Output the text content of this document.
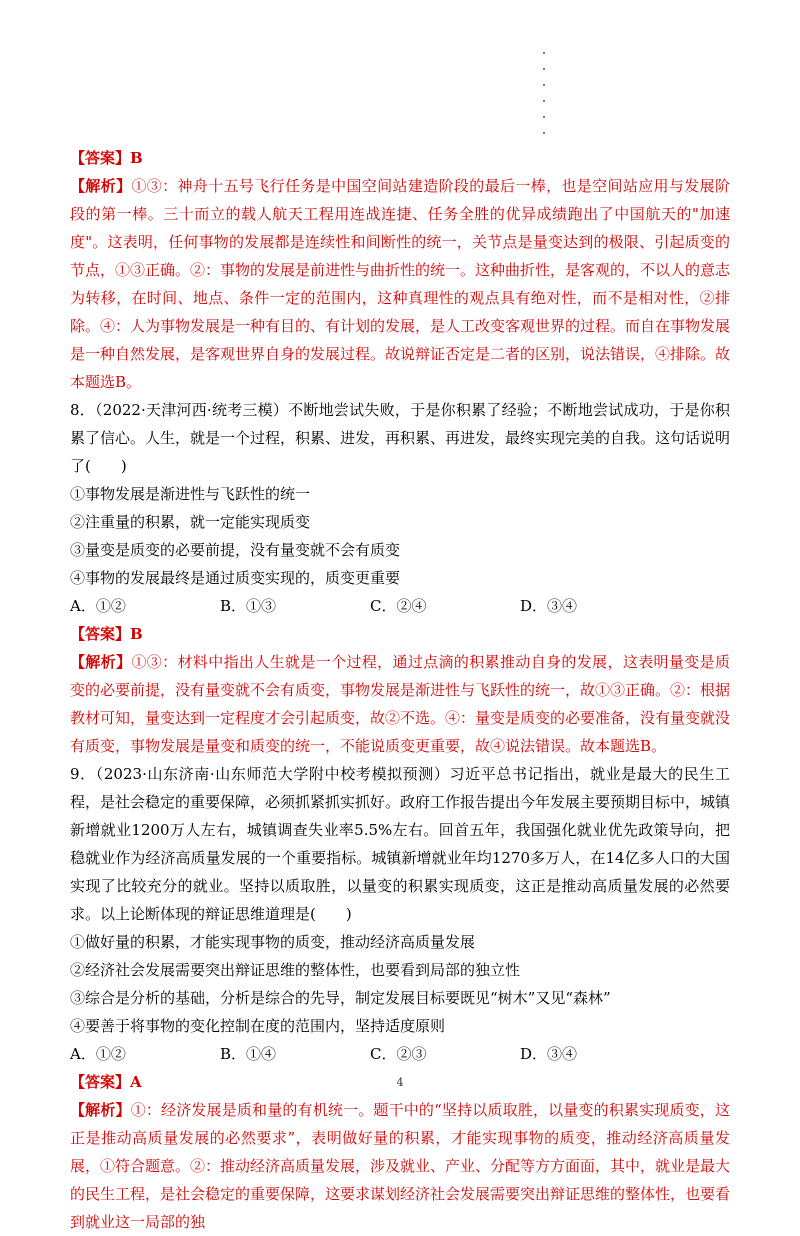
【答案】B

【解析】①③：神舟十五号飞行任务是中国空间站建造阶段的最后一棒，也是空间站应用与发展阶段的第一棒。三十而立的载人航天工程用连战连捷、任务全胜的优异成绩跑出了中国航天的"加速度"。这表明，任何事物的发展都是连续性和间断性的统一，关节点是量变达到的极限、引起质变的节点，①③正确。②：事物的发展是前进性与曲折性的统一。这种曲折性，是客观的，不以人的意志为转移，在时间、地点、条件一定的范围内，这种真理性的观点具有绝对性，而不是相对性，②排除。④：人为事物发展是一种有目的、有计划的发展，是人工改变客观世界的过程。而自在事物发展是一种自然发展，是客观世界自身的发展过程。故说辩证否定是二者的区别，说法错误，④排除。故本题选B。

8．（2022·天津河西·统考三模）不断地尝试失败，于是你积累了经验；不断地尝试成功，于是你积累了信心。人生，就是一个过程，积累、进发，再积累、再进发，最终实现完美的自我。这句话说明了(　　)

①事物发展是渐进性与飞跃性的统一

②注重量的积累，就一定能实现质变

③量变是质变的必要前提，没有量变就不会有质变

④事物的发展最终是通过质变实现的，质变更重要

A．①②	B．①③	C．②④	D．③④

【答案】B

【解析】①③：材料中指出人生就是一个过程，通过点滴的积累推动自身的发展，这表明量变是质变的必要前提，没有量变就不会有质变，事物发展是渐进性与飞跃性的统一，故①③正确。②：根据教材可知，量变达到一定程度才会引起质变，故②不选。④：量变是质变的必要准备，没有量变就没有质变，事物发展是量变和质变的统一，不能说质变更重要，故④说法错误。故本题选B。

9．（2023·山东济南·山东师范大学附中校考模拟预测）习近平总书记指出，就业是最大的民生工程，是社会稳定的重要保障，必须抓紧抓实抓好。政府工作报告提出今年发展主要预期目标中，城镇新增就业1200万人左右，城镇调查失业率5.5%左右。回首五年，我国强化就业优先政策导向，把稳就业作为经济高质量发展的一个重要指标。城镇新增就业年均1270多万人，在14亿多人口的大国实现了比较充分的就业。坚持以质取胜，以量变的积累实现质变，这正是推动高质量发展的必然要求。以上论断体现的辩证思维道理是(　　)

①做好量的积累，才能实现事物的质变，推动经济高质量发展

②经济社会发展需要突出辩证思维的整体性，也要看到局部的独立性

③综合是分析的基础，分析是综合的先导，制定发展目标要既见“树木”又见“森林”

④要善于将事物的变化控制在度的范围内，坚持适度原则

A．①②	B．①④	C．②③	D．③④

【答案】A

【解析】①：经济发展是质和量的有机统一。题干中的“坚持以质取胜，以量变的积累实现质变，这正是推动高质量发展的必然要求”，表明做好量的积累，才能实现事物的质变，推动经济高质量发展，①符合题意。②：推动经济高质量发展，涉及就业、产业、分配等方方面面，其中，就业是最大的民生工程，是社会稳定的重要保障，这要求谋划经济社会发展需要突出辩证思维的整体性，也要看到就业这一局部的独

4
